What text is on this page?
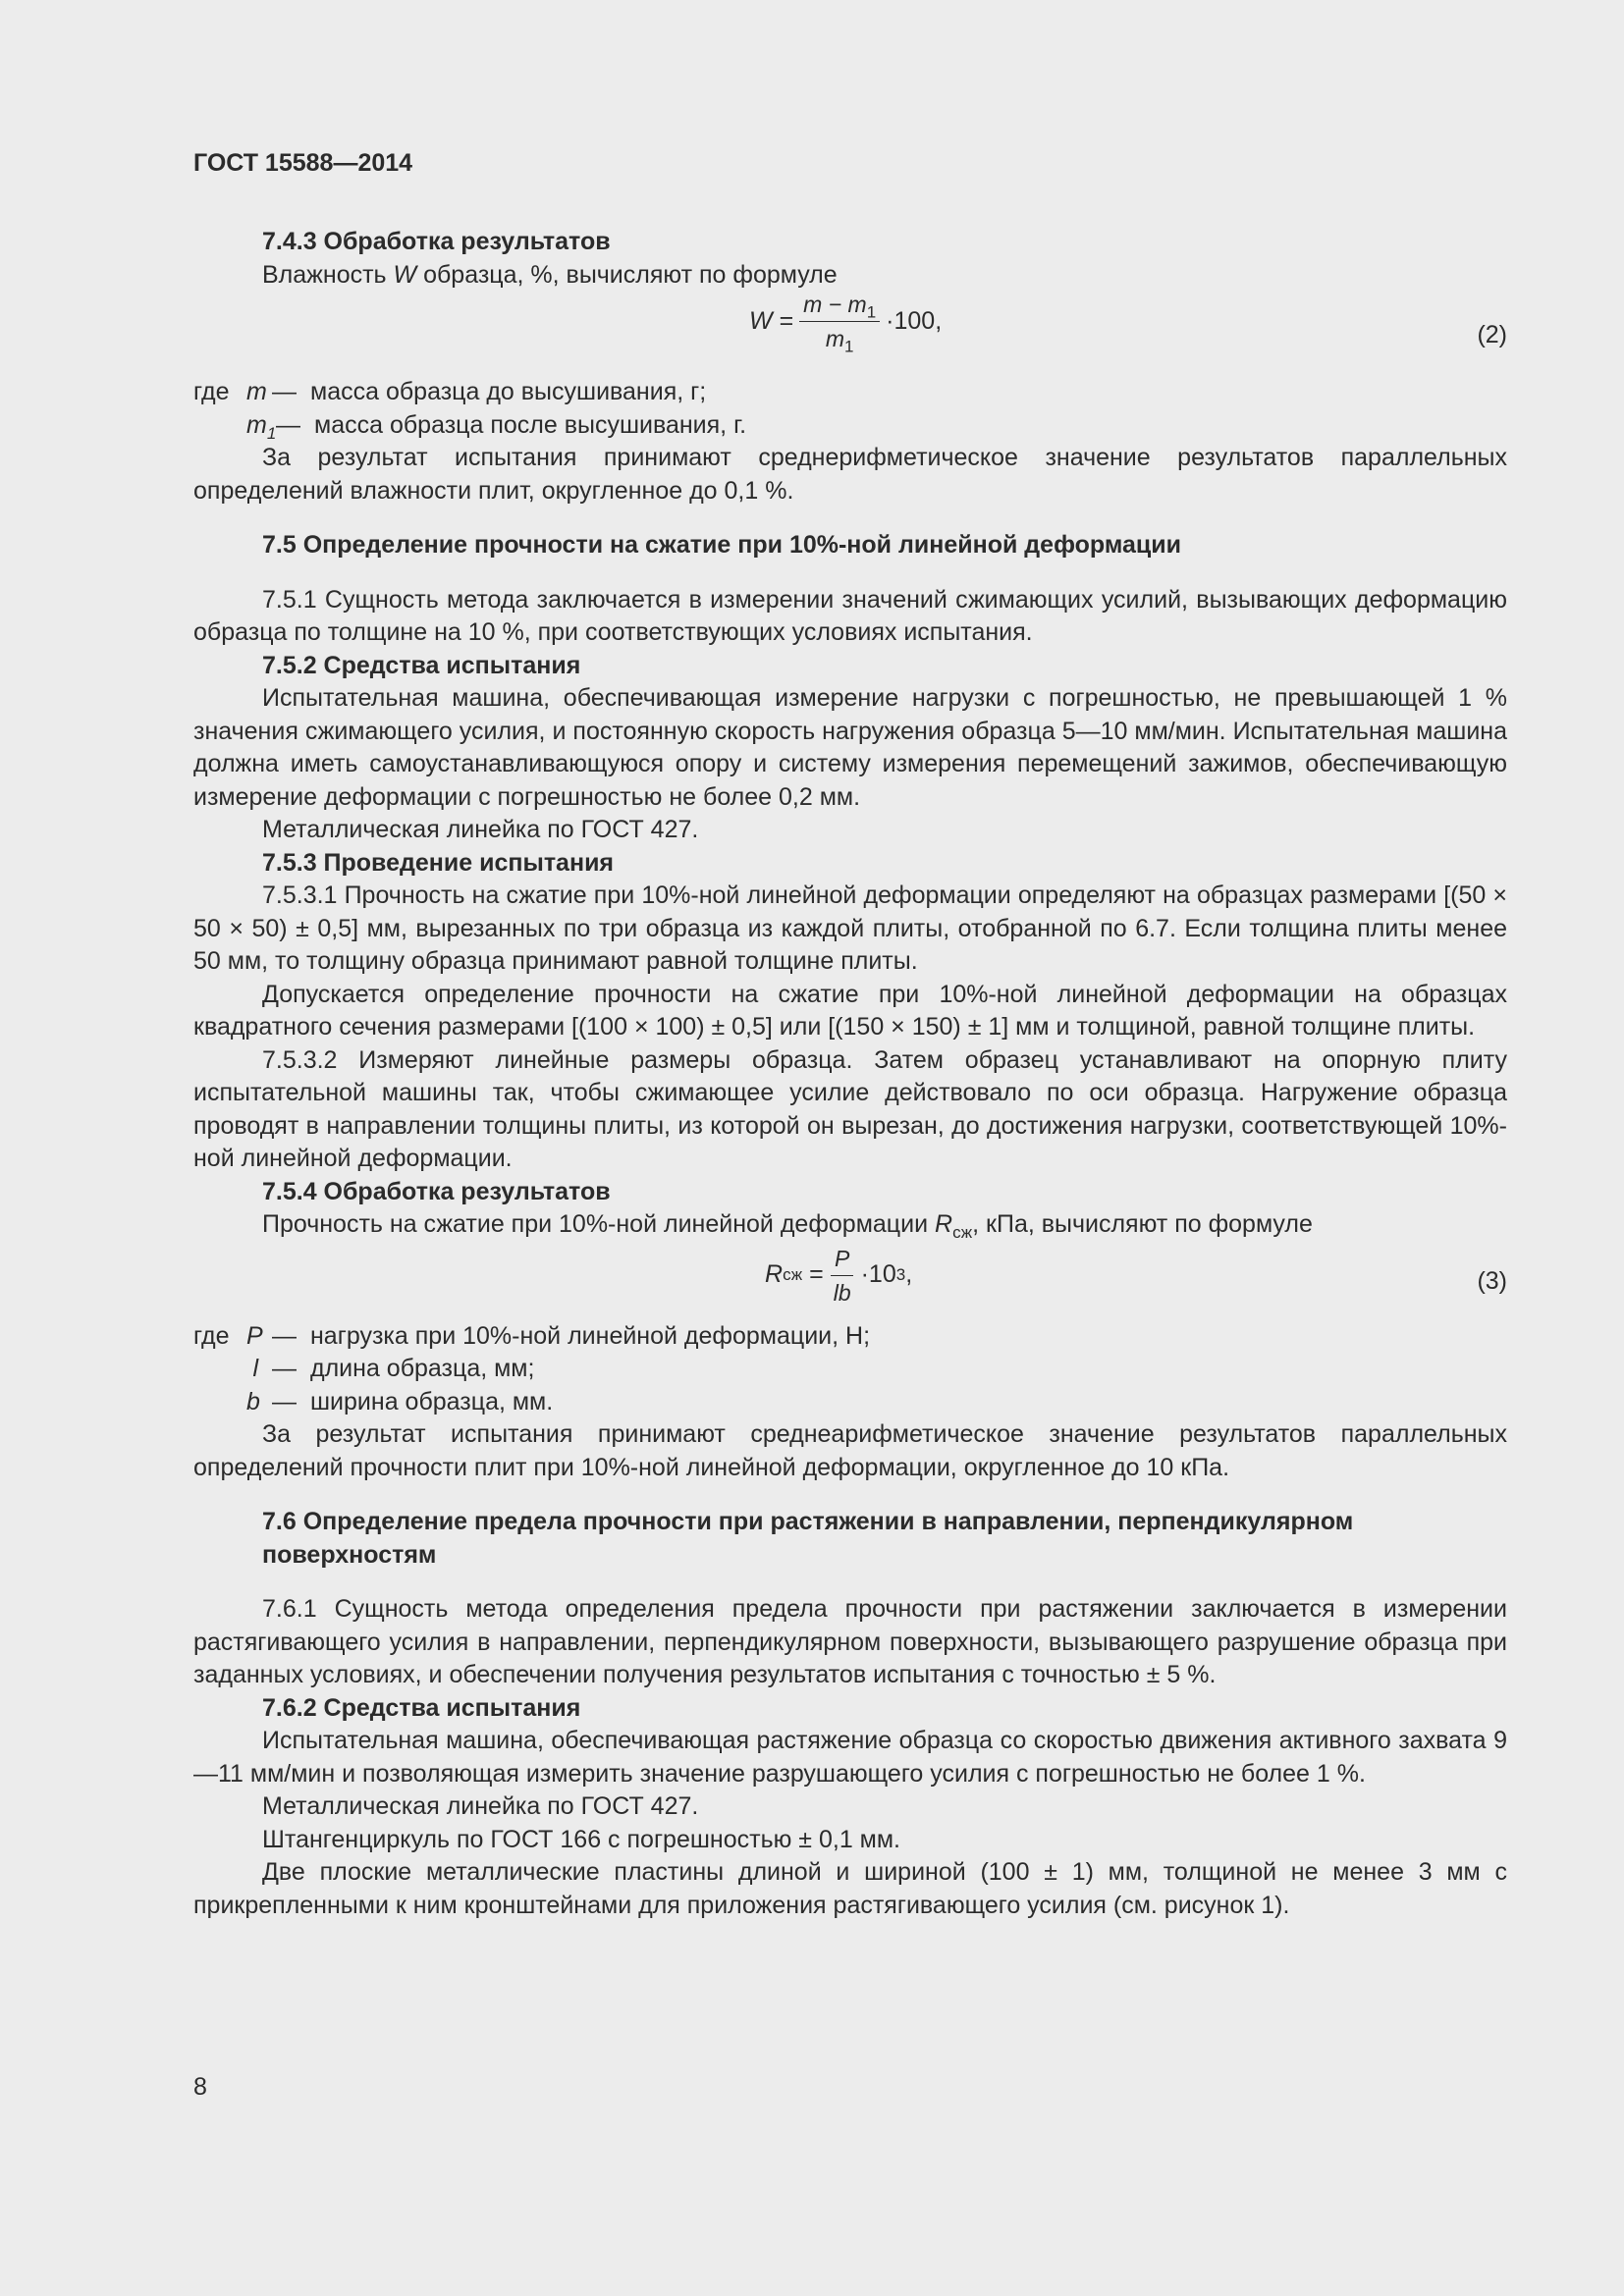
ГОСТ 15588—2014

7.4.3 Обработка результатов

Влажность W образца, %, вычисляют по формуле

W
= $\frac{m - m_1}{m_1} \cdot 100$,
(2)
где m — масса образца до высушивания, г;
$m_1$ — масса образца после высушивания, г.

За результат испытания принимают среднерифметическое значение результатов параллельных определений влажности плит, округленное до 0,1 %.

7.5 Определение прочности на сжатие при 10%-ной линейной деформации

7.5.1 Сущность метода заключается в измерении значений сжимающих усилий, вызывающих деформацию образца по толщине на 10 %, при соответствующих условиях испытания.

7.5.2 Средства испытания

Испытательная машина, обеспечивающая измерение нагрузки с погрешностью, не превышающей 1 % значения сжимающего усилия, и постоянную скорость нагружения образца 5—10 мм/мин. Испытательная машина должна иметь самоустанавливающуюся опору и систему измерения перемещений зажимов, обеспечивающую измерение деформации с погрешностью не более 0,2 мм.

Металлическая линейка по ГОСТ 427.

7.5.3 Проведение испытания

7.5.3.1 Прочность на сжатие при 10%-ной линейной деформации определяют на образцах размерами [(50 × 50 × 50) ± 0,5] мм, вырезанных по три образца из каждой плиты, отобранной по 6.7. Если толщина плиты менее 50 мм, то толщину образца принимают равной толщине плиты.

Допускается определение прочности на сжатие при 10%-ной линейной деформации на образцах квадратного сечения размерами [(100 × 100) ± 0,5] или [(150 × 150) ± 1] мм и толщиной, равной толщине плиты.

7.5.3.2 Измеряют линейные размеры образца. Затем образец устанавливают на опорную плиту испытательной машины так, чтобы сжимающее усилие действовало по оси образца. Нагружение образца проводят в направлении толщины плиты, из которой он вырезан, до достижения нагрузки, соответствующей 10%-ной линейной деформации.

7.5.4 Обработка результатов

Прочность на сжатие при 10%-ной линейной деформации $R_{сж}$, кПа, вычисляют по формуле

R сж
= $\frac{P}{lb} \cdot 10$ 3 ,	(3)
где P — нагрузка при 10%-ной линейной деформации, Н;
l — длина образца, мм;
b — ширина образца, мм.

За результат испытания принимают среднеарифметическое значение результатов параллельных определений прочности плит при 10%-ной линейной деформации, округленное до 10 кПа.

7.6 Определение предела прочности при растяжении в направлении, перпендикулярном

поверхностям

7.6.1 Сущность метода определения предела прочности при растяжении заключается в измерении растягивающего усилия в направлении, перпендикулярном поверхности, вызывающего разрушение образца при заданных условиях, и обеспечении получения результатов испытания с точностью ± 5 %.

7.6.2 Средства испытания

Испытательная машина, обеспечивающая растяжение образца со скоростью движения активного захвата 9—11 мм/мин и позволяющая измерить значение разрушающего усилия с погрешностью не более 1 %.

Металлическая линейка по ГОСТ 427.

Штангенциркуль по ГОСТ 166 с погрешностью ± 0,1 мм.

Две плоские металлические пластины длиной и шириной (100 ± 1) мм, толщиной не менее 3 мм с прикрепленными к ним кронштейнами для приложения растягивающего усилия (см. рисунок 1).

8
